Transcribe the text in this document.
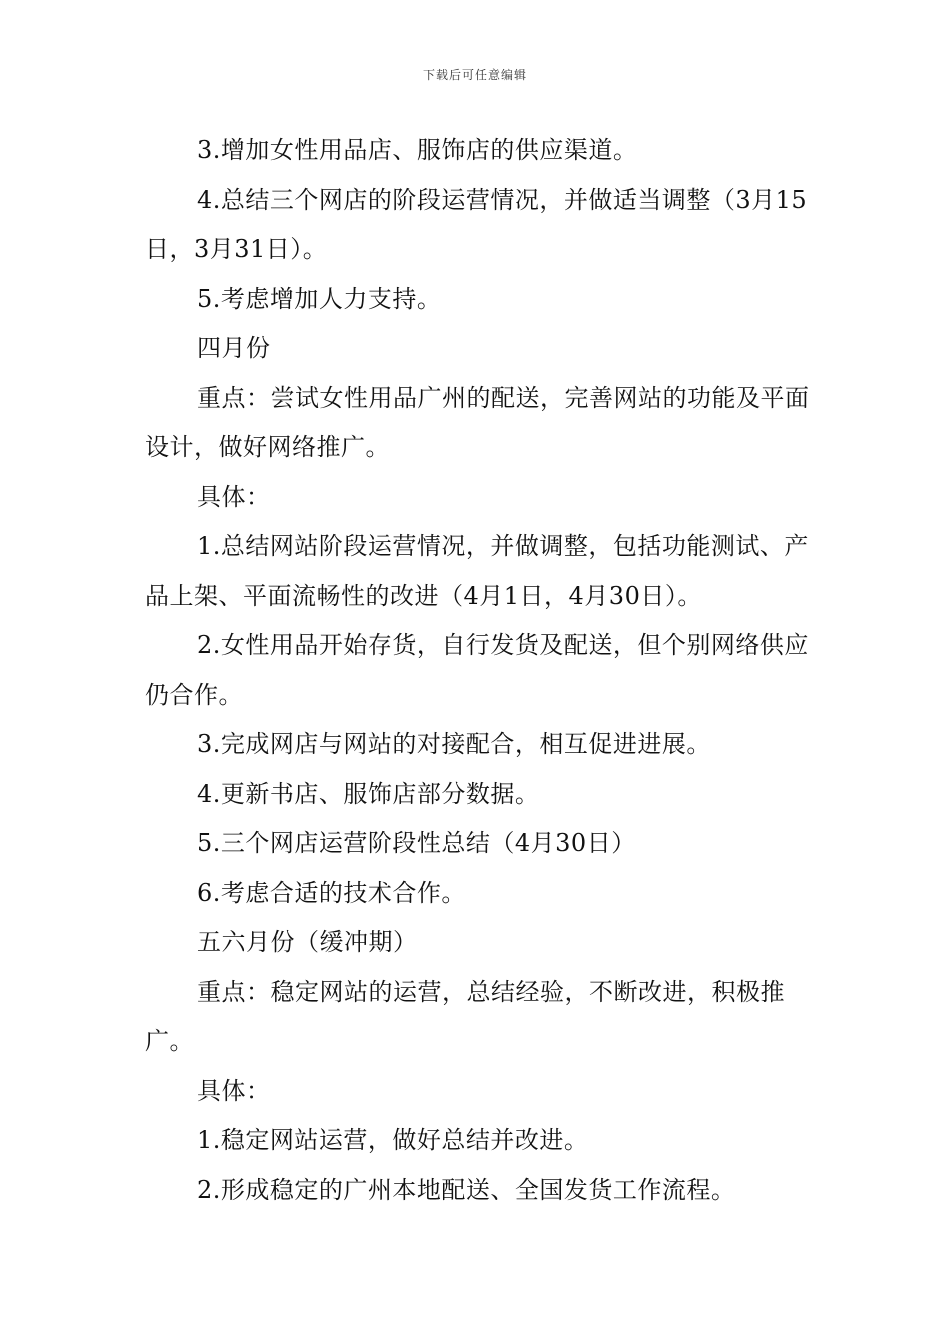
下载后可任意编辑

3.增加女性用品店、服饰店的供应渠道。

4.总结三个网店的阶段运营情况，并做适当调整（3月15日，3月31日）。

5.考虑增加人力支持。

四月份

重点：尝试女性用品广州的配送，完善网站的功能及平面设计，做好网络推广。

具体：

1.总结网站阶段运营情况，并做调整，包括功能测试、产品上架、平面流畅性的改进（4月1日，4月30日）。

2.女性用品开始存货，自行发货及配送，但个别网络供应仍合作。

3.完成网店与网站的对接配合，相互促进进展。

4.更新书店、服饰店部分数据。

5.三个网店运营阶段性总结（4月30日）

6.考虑合适的技术合作。

五六月份（缓冲期）

重点：稳定网站的运营，总结经验，不断改进，积极推广。

具体：

1.稳定网站运营，做好总结并改进。

2.形成稳定的广州本地配送、全国发货工作流程。
